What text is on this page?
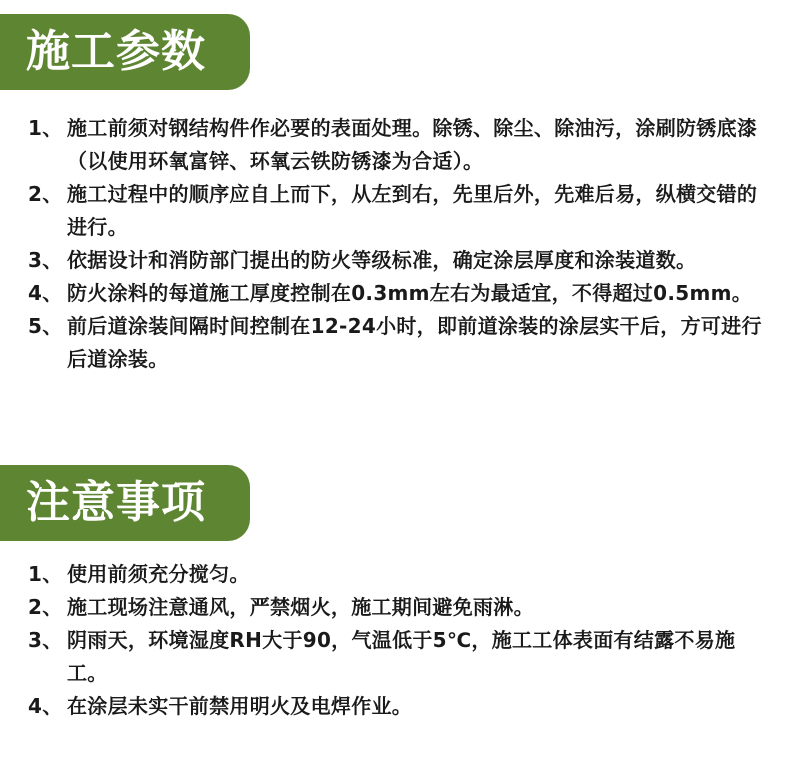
施工参数
1、 施工前须对钢结构件作必要的表面处理。除锈、除尘、除油污，涂刷防锈底漆（以使用环氧富锌、环氧云铁防锈漆为合适）。
2、 施工过程中的顺序应自上而下，从左到右，先里后外，先难后易，纵横交错的进行。
3、 依据设计和消防部门提出的防火等级标准，确定涂层厚度和涂装道数。
4、 防火涂料的每道施工厚度控制在0.3mm左右为最适宜，不得超过0.5mm。
5、 前后道涂装间隔时间控制在12-24小时，即前道涂装的涂层实干后，方可进行后道涂装。
注意事项
1、 使用前须充分搅匀。
2、 施工现场注意通风，严禁烟火，施工期间避免雨淋。
3、 阴雨天，环境湿度RH大于90，气温低于5℃，施工工体表面有结露不易施工。
4、 在涂层未实干前禁用明火及电焊作业。
